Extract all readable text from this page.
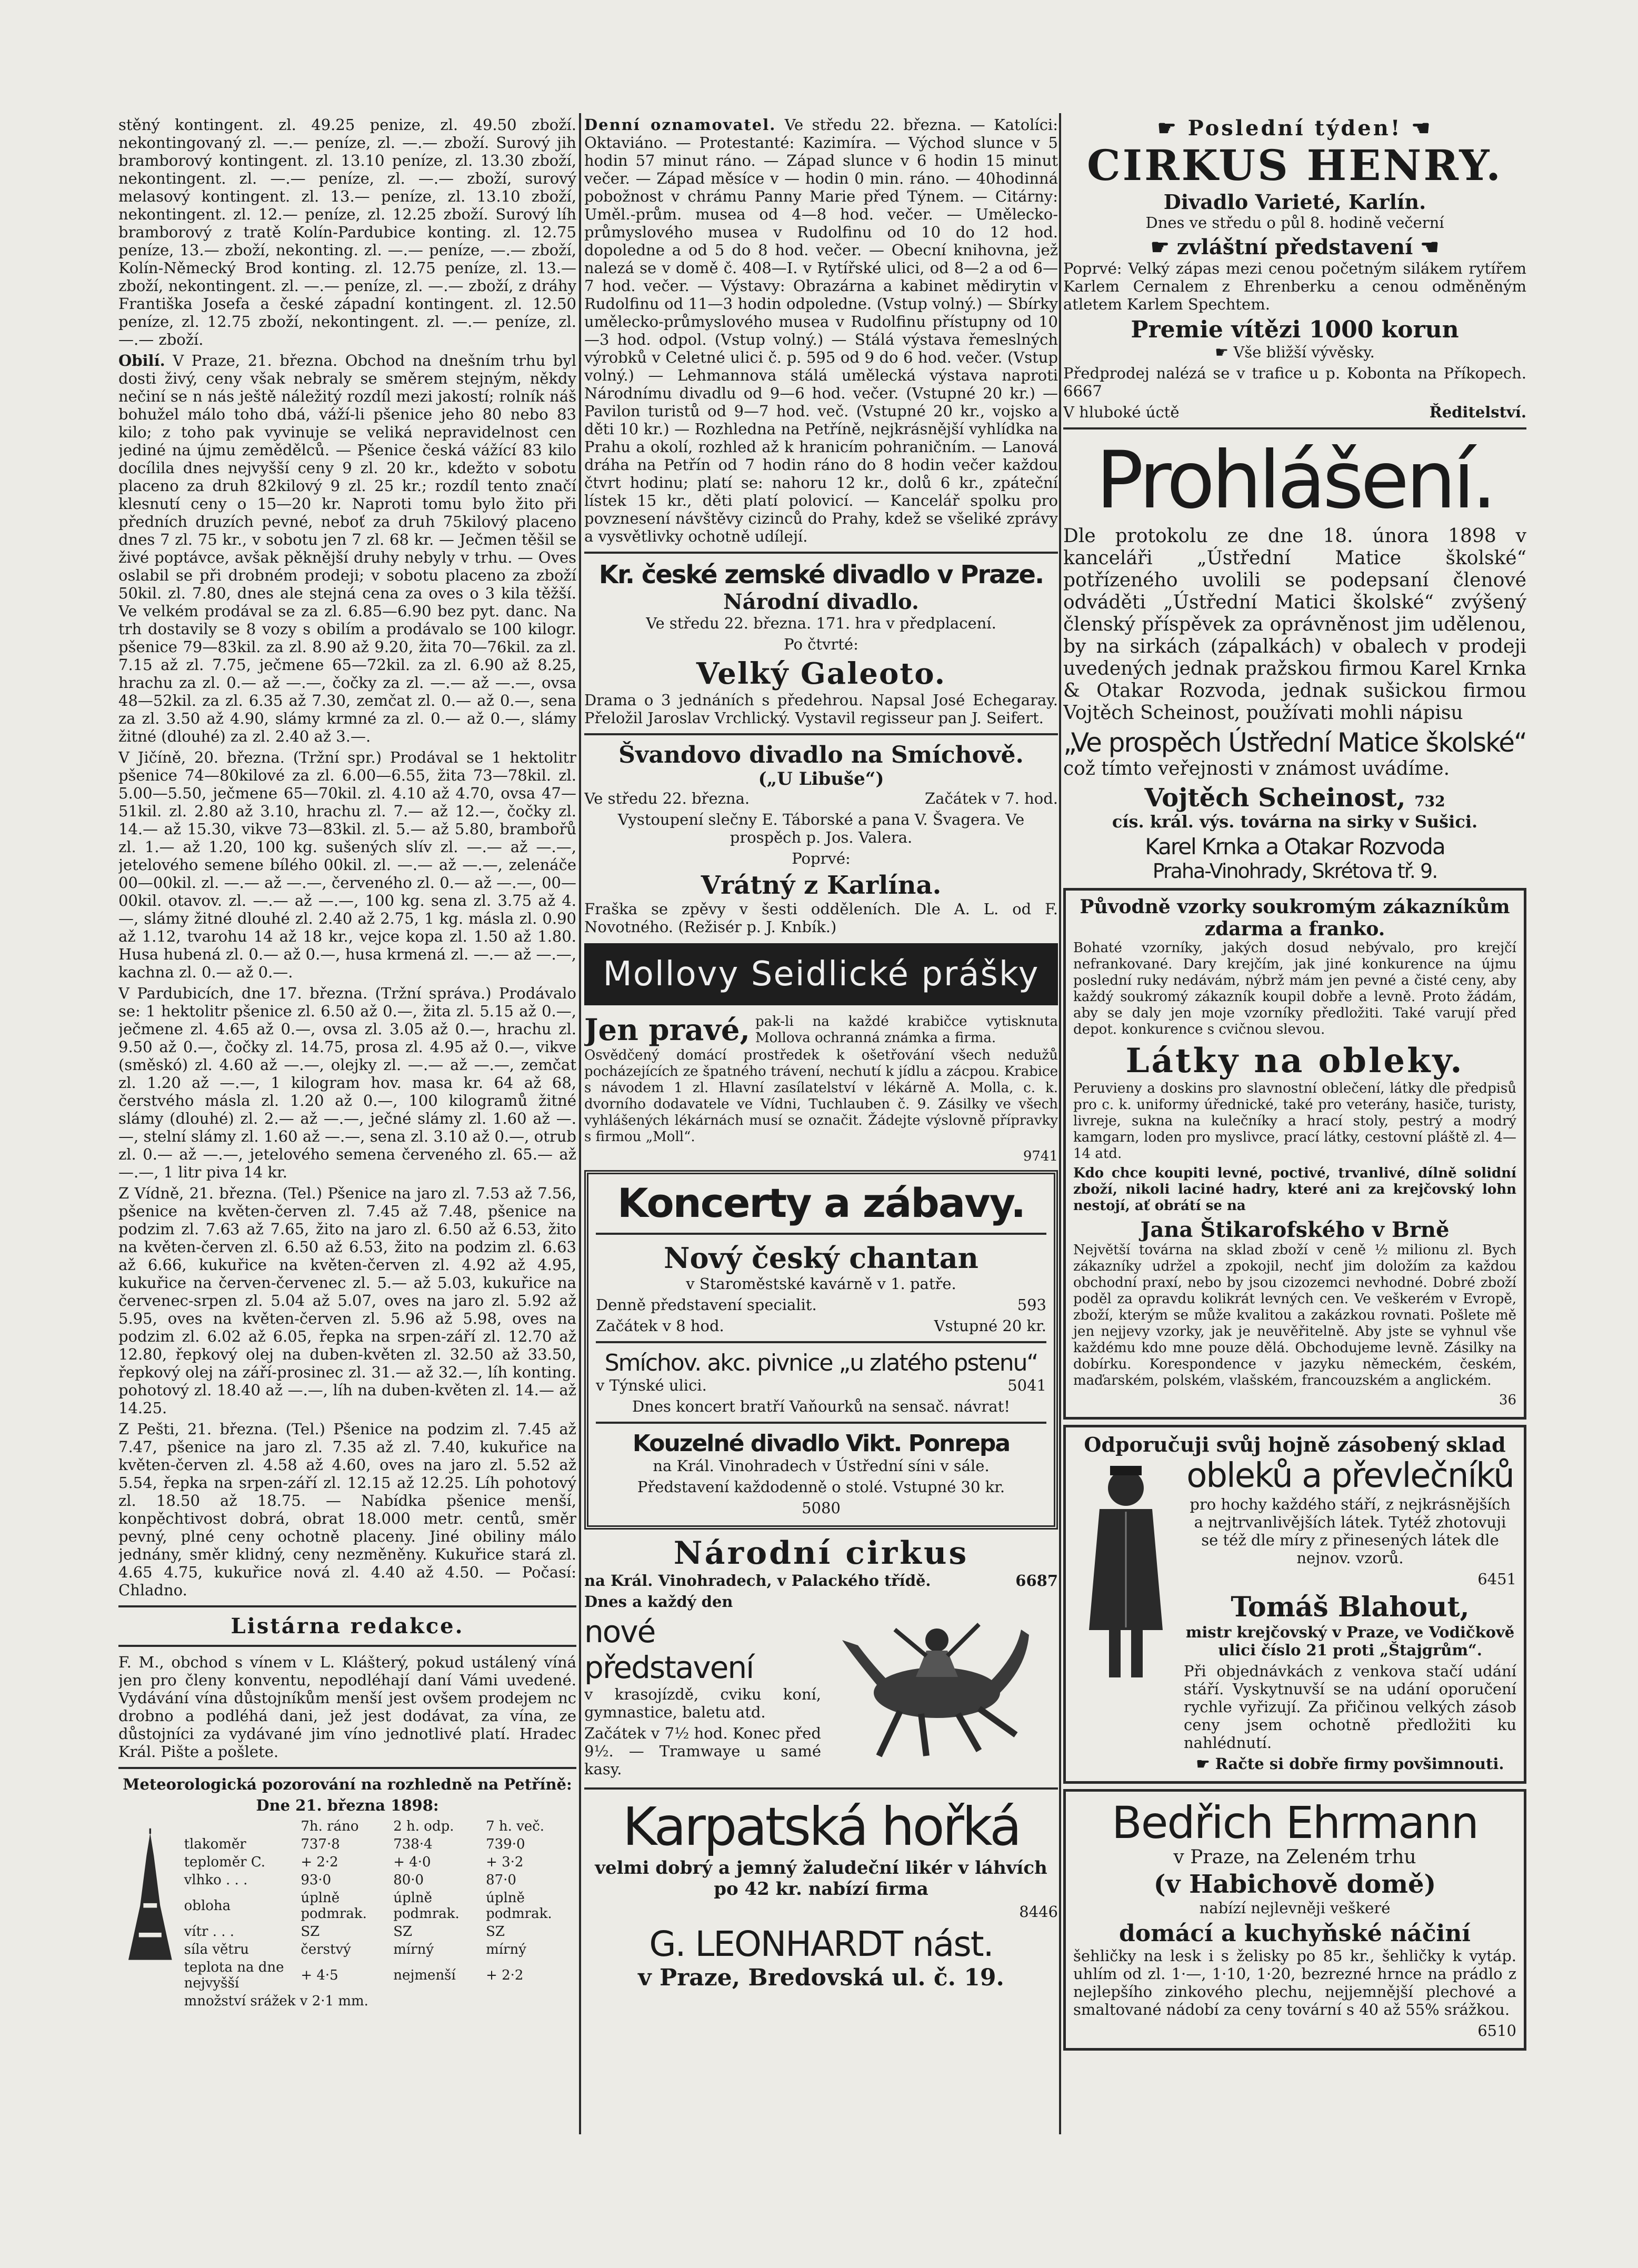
stěný kontingent. zl. 49.25 penize, zl. 49.50 zboží. nekontingovaný zl. —.— peníze, zl. —.— zboží. Surový jih bramborový kontingent. zl. 13.10 peníze, zl. 13.30 zboží, nekontingent. zl. —.— peníze, zl. —.— zboží, surový melasový kontingent. zl. 13.— peníze, zl. 13.10 zboží, nekontingent. zl. 12.— peníze, zl. 12.25 zboží. Surový líh bramborový z tratě Kolín-Pardubice konting. zl. 12.75 peníze, 13.— zboží, nekonting. zl. —.— peníze, —.— zboží, Kolín-Německý Brod konting. zl. 12.75 peníze, zl. 13.— zboží, nekontingent. zl. —.— peníze, zl. —.— zboží, z dráhy Františka Josefa a české západní kontingent. zl. 12.50 peníze, zl. 12.75 zboží, nekontingent. zl. —.— peníze, zl. —.— zboží.

Obilí. V Praze, 21. března. Obchod na dnešním trhu byl dosti živý, ceny však nebraly se směrem stejným, někdy nečiní se n nás ještě náležitý rozdíl mezi jakostí; rolník náš bohužel málo toho dbá, váží-li pšenice jeho 80 nebo 83 kilo; z toho pak vyvinuje se veliká nepravidelnost cen jediné na újmu zemědělců. — Pšenice česká vážící 83 kilo docílila dnes nejvyšší ceny 9 zl. 20 kr., kdežto v sobotu placeno za druh 82kilový 9 zl. 25 kr.; rozdíl tento značí klesnutí ceny o 15—20 kr. Naproti tomu bylo žito při předních druzích pevné, neboť za druh 75kilový placeno dnes 7 zl. 75 kr., v sobotu jen 7 zl. 68 kr. — Ječmen těšil se živé poptávce, avšak pěknější druhy nebyly v trhu. — Oves oslabil se při drobném prodeji; v sobotu placeno za zboží 50kil. zl. 7.80, dnes ale stejná cena za oves o 3 kila těžší. Ve velkém prodával se za zl. 6.85—6.90 bez pyt. danc. Na trh dostavily se 8 vozy s obilím a prodávalo se 100 kilogr. pšenice 79—83kil. za zl. 8.90 až 9.20, žita 70—76kil. za zl. 7.15 až zl. 7.75, ječmene 65—72kil. za zl. 6.90 až 8.25, hrachu za zl. 0.— až —.—, čočky za zl. —.— až —.—, ovsa 48—52kil. za zl. 6.35 až 7.30, zemčat zl. 0.— až 0.—, sena za zl. 3.50 až 4.90, slámy krmné za zl. 0.— až 0.—, slámy žitné (dlouhé) za zl. 2.40 až 3.—.

V Jičíně, 20. března. (Tržní spr.) Prodával se 1 hektolitr pšenice 74—80kilové za zl. 6.00—6.55, žita 73—78kil. zl. 5.00—5.50, ječmene 65—70kil. zl. 4.10 až 4.70, ovsa 47—51kil. zl. 2.80 až 3.10, hrachu zl. 7.— až 12.—, čočky zl. 14.— až 15.30, vikve 73—83kil. zl. 5.— až 5.80, brambořů zl. 1.— až 1.20, 100 kg. sušených slív zl. —.— až —.—, jetelového semene bílého 00kil. zl. —.— až —.—, zelenáče 00—00kil. zl. —.— až —.—, červeného zl. 0.— až —.—, 00—00kil. otavov. zl. —.— až —.—, 100 kg. sena zl. 3.75 až 4.—, slámy žitné dlouhé zl. 2.40 až 2.75, 1 kg. másla zl. 0.90 až 1.12, tvarohu 14 až 18 kr., vejce kopa zl. 1.50 až 1.80. Husa hubená zl. 0.— až 0.—, husa krmená zl. —.— až —.—, kachna zl. 0.— až 0.—.

V Pardubicích, dne 17. března. (Tržní správa.) Prodávalo se: 1 hektolitr pšenice zl. 6.50 až 0.—, žita zl. 5.15 až 0.—, ječmene zl. 4.65 až 0.—, ovsa zl. 3.05 až 0.—, hrachu zl. 9.50 až 0.—, čočky zl. 14.75, prosa zl. 4.95 až 0.—, vikve (směskó) zl. 4.60 až —.—, olejky zl. —.— až —.—, zemčat zl. 1.20 až —.—, 1 kilogram hov. masa kr. 64 až 68, čerstvého másla zl. 1.20 až 0.—, 100 kilogramů žitné slámy (dlouhé) zl. 2.— až —.—, ječné slámy zl. 1.60 až —.—, stelní slámy zl. 1.60 až —.—, sena zl. 3.10 až 0.—, otrub zl. 0.— až —.—, jetelového semena červeného zl. 65.— až —.—, 1 litr piva 14 kr.

Z Vídně, 21. března. (Tel.) Pšenice na jaro zl. 7.53 až 7.56, pšenice na květen-červen zl. 7.45 až 7.48, pšenice na podzim zl. 7.63 až 7.65, žito na jaro zl. 6.50 až 6.53, žito na květen-červen zl. 6.50 až 6.53, žito na podzim zl. 6.63 až 6.66, kukuřice na květen-červen zl. 4.92 až 4.95, kukuřice na červen-červenec zl. 5.— až 5.03, kukuřice na červenec-srpen zl. 5.04 až 5.07, oves na jaro zl. 5.92 až 5.95, oves na květen-červen zl. 5.96 až 5.98, oves na podzim zl. 6.02 až 6.05, řepka na srpen-září zl. 12.70 až 12.80, řepkový olej na duben-květen zl. 32.50 až 33.50, řepkový olej na září-prosinec zl. 31.— až 32.—, líh konting. pohotový zl. 18.40 až —.—, líh na duben-květen zl. 14.— až 14.25.

Z Pešti, 21. března. (Tel.) Pšenice na podzim zl. 7.45 až 7.47, pšenice na jaro zl. 7.35 až zl. 7.40, kukuřice na květen-červen zl. 4.58 až 4.60, oves na jaro zl. 5.52 až 5.54, řepka na srpen-září zl. 12.15 až 12.25. Líh pohotový zl. 18.50 až 18.75. — Nabídka pšenice menší, konpěchtivost dobrá, obrat 18.000 metr. centů, směr pevný, plné ceny ochotně placeny. Jiné obiliny málo jednány, směr klidný, ceny nezměněny. Kukuřice stará zl. 4.65 4.75, kukuřice nová zl. 4.40 až 4.50. — Počasí: Chladno.

Listárna redakce.

F. M., obchod s vínem v L. Klášterý, pokud ustálený víná jen pro členy konventu, nepodléhají daní Vámi uvedené. Vydávání vína důstojníkům menší jest ovšem prodejem nc drobno a podléhá dani, jež jest dodávat, za vína, ze důstojníci za vydávané jim víno jednotlivé platí. Hradec Král. Pište a pošlete.

Meteorologická pozorování na rozhledně na Petříně:
Dne 21. března 1898:
	7h. ráno	2 h. odp.	7 h. več.
tlakoměr	737·8	738·4	739·0
teploměr C.	+ 2·2	+ 4·0	+ 3·2
vlhko . . .	93·0	80·0	87·0
obloha	úplně podmrak.	úplně podmrak.	úplně podmrak.
vítr . . .	SZ	SZ	SZ
síla větru	čerstvý	mírný	mírný
teplota na dne nejvyšší	+ 4·5	nejmenší	+ 2·2
množství srážek v 2·1 mm.			

Denní oznamovatel. Ve středu 22. března. — Katolíci: Oktaviáno. — Protestanté: Kazimíra. — Východ slunce v 5 hodin 57 minut ráno. — Západ slunce v 6 hodin 15 minut večer. — Západ měsíce v — hodin 0 min. ráno. — 40hodinná pobožnost v chrámu Panny Marie před Týnem. — Citárny: Uměl.-prům. musea od 4—8 hod. večer. — Umělecko-průmyslového musea v Rudolfinu od 10 do 12 hod. dopoledne a od 5 do 8 hod. večer. — Obecní knihovna, jež nalezá se v domě č. 408—I. v Rytířské ulici, od 8—2 a od 6—7 hod. večer. — Výstavy: Obrazárna a kabinet mědirytin v Rudolfinu od 11—3 hodin odpoledne. (Vstup volný.) — Sbírky umělecko-průmyslového musea v Rudolfinu přístupny od 10—3 hod. odpol. (Vstup volný.) — Stálá výstava řemeslných výrobků v Celetné ulici č. p. 595 od 9 do 6 hod. večer. (Vstup volný.) — Lehmannova stálá umělecká výstava naproti Národnímu divadlu od 9—6 hod. večer. (Vstupné 20 kr.) — Pavilon turistů od 9—7 hod. več. (Vstupné 20 kr., vojsko a děti 10 kr.) — Rozhledna na Petříně, nejkrásnější vyhlídka na Prahu a okolí, rozhled až k hranicím pohraničním. — Lanová dráha na Petřín od 7 hodin ráno do 8 hodin večer každou čtvrt hodinu; platí se: nahoru 12 kr., dolů 6 kr., zpáteční lístek 15 kr., děti platí polovicí. — Kancelář spolku pro povznesení návštěvy cizinců do Prahy, kdež se všeliké zprávy a vysvětlivky ochotně udílejí.

Kr. české zemské divadlo v Praze.
Národní divadlo.
Ve středu 22. března. 171. hra v předplacení.
Po čtvrté:
Velký Galeoto.
Drama o 3 jednáních s předehrou. Napsal José Echegaray. Přeložil Jaroslav Vrchlický. Vystavil regisseur pan J. Seifert.
Švandovo divadlo na Smíchově.
(„U Libuše“)
Ve středu 22. března.	Začátek v 7. hod.
Vystoupení slečny E. Táborské a pana V. Švagera. Ve prospěch p. Jos. Valera.
Poprvé:
Vrátný z Karlína.
Fraška se zpěvy v šesti odděleních. Dle A. L. od F. Novotného. (Režisér p. J. Knbík.)
Mollovy Seidlické prášky
Jen pravé, pak-li na každé krabičce vytisknuta Mollova ochranná známka a firma.
Osvědčený domácí prostředek k ošetřování všech nedužů pocházejících ze špatného trávení, nechutí k jídlu a zácpou. Krabice s návodem 1 zl. Hlavní zasílatelství v lékárně A. Molla, c. k. dvorního dodavatele ve Vídni, Tuchlauben č. 9. Zásilky ve všech vyhlášených lékárnách musí se označit. Žádejte výslovně přípravky s firmou „Moll“.
9741
Koncerty a zábavy.
Nový český chantan
v Staroměstské kavárně v 1. patře.
Denně představení specialit.	593
Začátek v 8 hod.	Vstupné 20 kr.
Smíchov. akc. pivnice „u zlatého pstenu“
v Týnské ulici.	5041
Dnes koncert bratří Vaňourků na sensač. návrat!
Kouzelné divadlo Vikt. Ponrepa
na Král. Vinohradech v Ústřední síni v sále.
Představení každodenně o stolé. Vstupné 30 kr.
5080
Národní cirkus
na Král. Vinohradech, v Palackého třídě.	6687
Dnes a každý den
nové představení
v krasojízdě, cviku koní, gymnastice, baletu atd.
Začátek v 7½ hod. Konec před 9½. — Tramwaye u samé kasy.
Karpatská hořká
velmi dobrý a jemný žaludeční likér v láhvích po 42 kr. nabízí firma
8446
G. LEONHARDT nást.
v Praze, Bredovská ul. č. 19.
☛ Poslední týden! ☚
CIRKUS HENRY.
Divadlo Varieté, Karlín.
Dnes ve středu o půl 8. hodině večerní
☛ zvláštní představení ☚
Poprvé: Velký zápas mezi cenou početným silákem rytířem Karlem Cernalem z Ehrenberku a cenou odměněným atletem Karlem Spechtem.
Premie vítězi 1000 korun
☛ Vše bližší vývěsky.
Předprodej nalézá se v trafice u p. Kobonta na Příkopech. 6667
V hluboké úctě	Ředitelství.
Prohlášení.
Dle protokolu ze dne 18. února 1898 v kanceláři „Ústřední Matice školské“ potřízeného uvolili se podepsaní členové odváděti „Ústřední Matici školské“ zvýšený členský příspěvek za oprávněnost jim udělenou, by na sirkách (zápalkách) v obalech v prodeji uvedených jednak pražskou firmou Karel Krnka & Otakar Rozvoda, jednak sušickou firmou Vojtěch Scheinost, používati mohli nápisu
„Ve prospěch Ústřední Matice školské“
což tímto veřejnosti v známost uvádíme.
Vojtěch Scheinost, 732
cís. král. výs. továrna na sirky v Sušici.
Karel Krnka a Otakar Rozvoda
Praha-Vinohrady, Skrétova tř. 9.
Původně vzorky soukromým zákazníkům zdarma a franko.
Bohaté vzorníky, jakých dosud nebývalo, pro krejčí nefrankované. Dary krejčím, jak jiné konkurence na újmu poslední ruky nedávám, nýbrž mám jen pevné a čisté ceny, aby každý soukromý zákazník koupil dobře a levně. Proto žádám, aby se daly jen moje vzorníky předložiti. Také varují před depot. konkurence s cvičnou slevou.
Látky na obleky.
Peruvieny a doskins pro slavnostní oblečení, látky dle předpisů pro c. k. uniformy úřednické, také pro veterány, hasiče, turisty, livreje, sukna na kulečníky a hrací stoly, pestrý a modrý kamgarn, loden pro myslivce, prací látky, cestovní pláště zl. 4—14 atd.
Kdo chce koupiti levné, poctivé, trvanlivé, dílně solidní zboží, nikoli laciné hadry, které ani za krejčovský lohn nestojí, ať obrátí se na
Jana Štikarofského v Brně
Největší továrna na sklad zboží v ceně ½ milionu zl. Bych zákazníky udržel a zpokojil, nechť jim doložím za každou obchodní praxí, nebo by jsou cizozemci nevhodné. Dobré zboží poděl za opravdu kolikrát levných cen. Ve veškerém v Evropě, zboží, kterým se může kvalitou a zakázkou rovnati. Pošlete mě jen nejjevy vzorky, jak je neuvěřitelně. Aby jste se vyhnul vše každému kdo mne pouze dělá. Obchodujeme levně. Zásilky na dobírku. Korespondence v jazyku německém, českém, maďarském, polském, vlašském, francouzském a anglickém.
36
Odporučuji svůj hojně zásobený sklad
obleků a převlečníků
pro hochy každého stáří, z nejkrásnějších a nejtrvanlivějších látek. Tytéž zhotovuji se též dle míry z přinesených látek dle nejnov. vzorů.
6451
Tomáš Blahout,
mistr krejčovský v Praze, ve Vodičkově ulici číslo 21 proti „Štajgrům“.
Při objednávkách z venkova stačí udání stáří. Vyskytnuvší se na udání oporučení rychle vyřizují. Za přičinou velkých zásob ceny jsem ochotně předložiti ku nahlédnutí.
☛ Račte si dobře firmy povšimnouti.
Bedřich Ehrmann
v Praze, na Zeleném trhu
(v Habichově domě)
nabízí nejlevněji veškeré
domácí a kuchyňské náčiní
šehličky na lesk i s želisky po 85 kr., šehličky k vytáp. uhlím od zl. 1·—, 1·10, 1·20, bezrezné hrnce na prádlo z nejlepšího zinkového plechu, nejjemnější plechové a smaltované nádobí za ceny tovární s 40 až 55% srážkou.
6510
